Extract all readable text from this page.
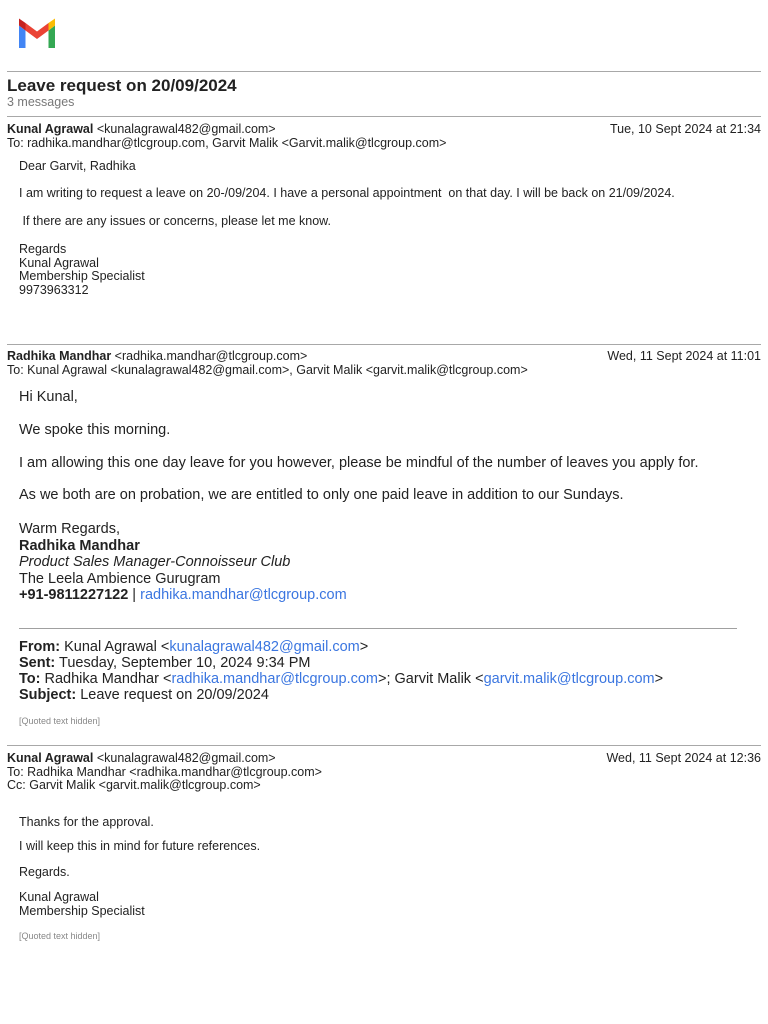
Leave request on 20/09/2024
3 messages
Kunal Agrawal <kunalagrawal482@gmail.com>	Tue, 10 Sept 2024 at 21:34
To: radhika.mandhar@tlcgroup.com, Garvit Malik <Garvit.malik@tlcgroup.com>
Dear Garvit, Radhika
I am writing to request a leave on 20-/09/204. I have a personal appointment  on that day. I will be back on 21/09/2024.
If there are any issues or concerns, please let me know.
Regards
Kunal Agrawal
Membership Specialist
9973963312
Radhika Mandhar <radhika.mandhar@tlcgroup.com>	Wed, 11 Sept 2024 at 11:01
To: Kunal Agrawal <kunalagrawal482@gmail.com>, Garvit Malik <garvit.malik@tlcgroup.com>
Hi Kunal,
We spoke this morning.
I am allowing this one day leave for you however, please be mindful of the number of leaves you apply for.
As we both are on probation, we are entitled to only one paid leave in addition to our Sundays.
Warm Regards,
Radhika Mandhar
Product Sales Manager-Connoisseur Club
The Leela Ambience Gurugram
+91-9811227122 | radhika.mandhar@tlcgroup.com
From: Kunal Agrawal <kunalagrawal482@gmail.com>
Sent: Tuesday, September 10, 2024 9:34 PM
To: Radhika Mandhar <radhika.mandhar@tlcgroup.com>; Garvit Malik <garvit.malik@tlcgroup.com>
Subject: Leave request on 20/09/2024
[Quoted text hidden]
Kunal Agrawal <kunalagrawal482@gmail.com>	Wed, 11 Sept 2024 at 12:36
To: Radhika Mandhar <radhika.mandhar@tlcgroup.com>
Cc: Garvit Malik <garvit.malik@tlcgroup.com>
Thanks for the approval.
I will keep this in mind for future references.
Regards.
Kunal Agrawal
Membership Specialist
[Quoted text hidden]
